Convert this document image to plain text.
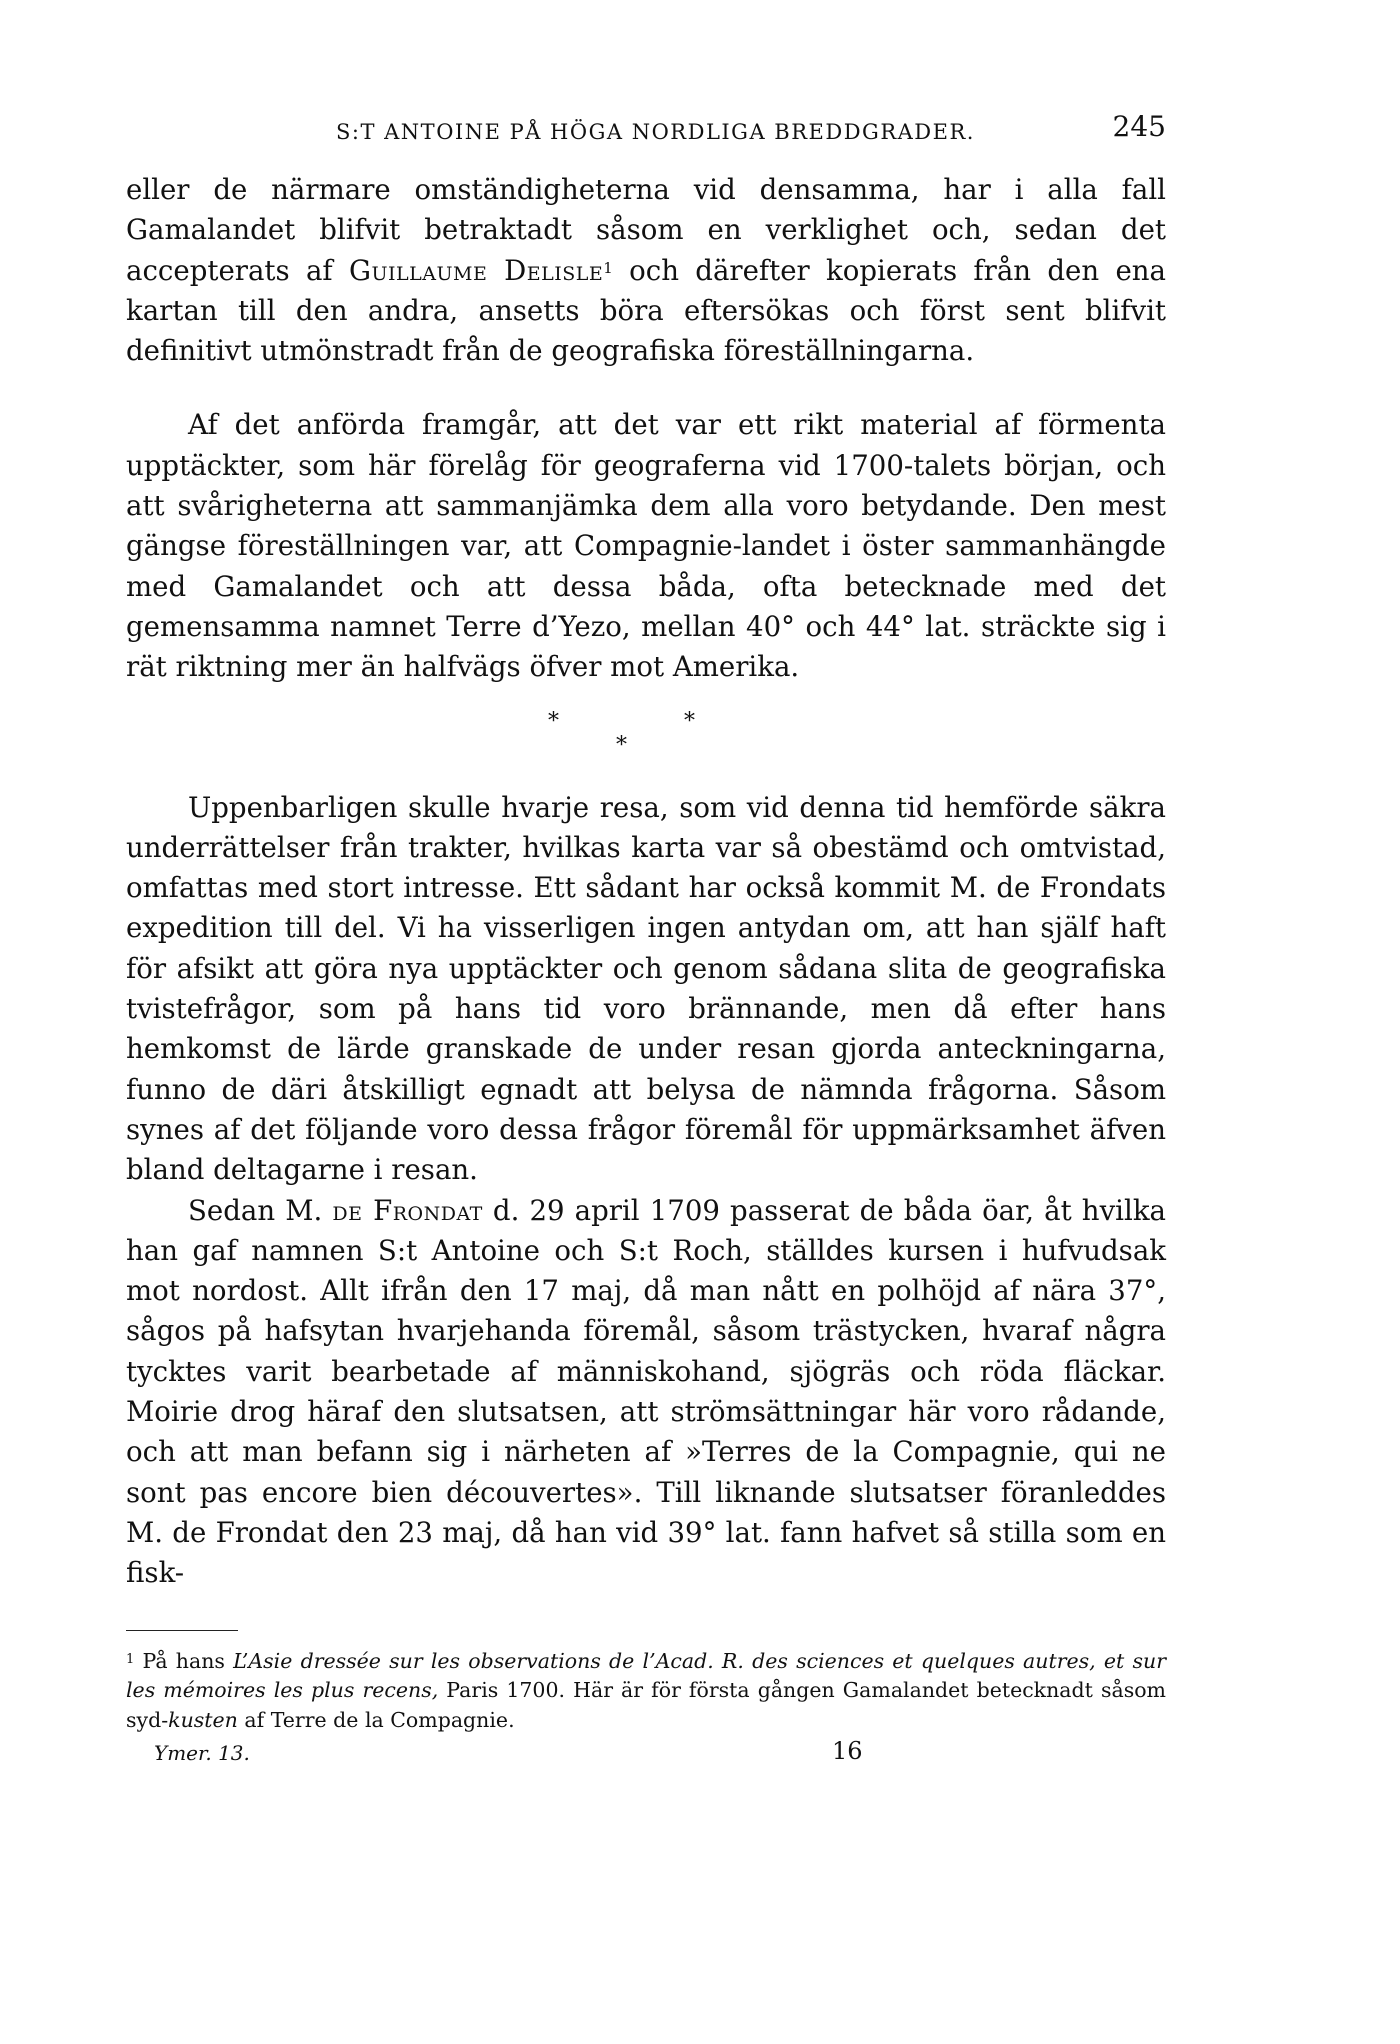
S:T ANTOINE PÅ HÖGA NORDLIGA BREDDGRADER.	245

eller de närmare omständigheterna vid densamma, har i alla fall Gamalandet blifvit betraktadt såsom en verklighet och, sedan det accepterats af Guillaume Delisle$^1$ och därefter kopierats från den ena kartan till den andra, ansetts böra eftersökas och först sent blifvit definitivt utmönstradt från de geografiska föreställningarna.

Af det anförda framgår, att det var ett rikt material af förmenta upptäckter, som här förelåg för geograferna vid 1700-talets början, och att svårigheterna att sammanjämka dem alla voro betydande. Den mest gängse föreställningen var, att Compagnie-landet i öster sammanhängde med Gamalandet och att dessa båda, ofta betecknade med det gemensamma namnet Terre d’Yezo, mellan 40° och 44° lat. sträckte sig i rät riktning mer än halfvägs öfver mot Amerika.

*	*
*

Uppenbarligen skulle hvarje resa, som vid denna tid hemförde säkra underrättelser från trakter, hvilkas karta var så obestämd och omtvistad, omfattas med stort intresse. Ett sådant har också kommit M. de Frondats expedition till del. Vi ha visserligen ingen antydan om, att han själf haft för afsikt att göra nya upptäckter och genom sådana slita de geografiska tvistefrågor, som på hans tid voro brännande, men då efter hans hemkomst de lärde granskade de under resan gjorda anteckningarna, funno de däri åtskilligt egnadt att belysa de nämnda frågorna. Såsom synes af det följande voro dessa frågor föremål för uppmärksamhet äfven bland deltagarne i resan.

Sedan M. de Frondat d. 29 april 1709 passerat de båda öar, åt hvilka han gaf namnen S:t Antoine och S:t Roch, ställdes kursen i hufvudsak mot nordost. Allt ifrån den 17 maj, då man nått en polhöjd af nära 37°, sågos på hafsytan hvarjehanda föremål, såsom trästycken, hvaraf några tycktes varit bearbetade af människohand, sjögräs och röda fläckar. Moirie drog häraf den slutsatsen, att strömsättningar här voro rådande, och att man befann sig i närheten af »Terres de la Compagnie, qui ne sont pas encore bien découvertes». Till liknande slutsatser föranleddes M. de Frondat den 23 maj, då han vid 39° lat. fann hafvet så stilla som en fisk-

$^1$ På hans L’Asie dressée sur les observations de l’Acad. R. des sciences et quelques autres, et sur les mémoires les plus recens, Paris 1700. Här är för första gången Gamalandet betecknadt såsom syd-kusten af Terre de la Compagnie.
Ymer. 13.	16
